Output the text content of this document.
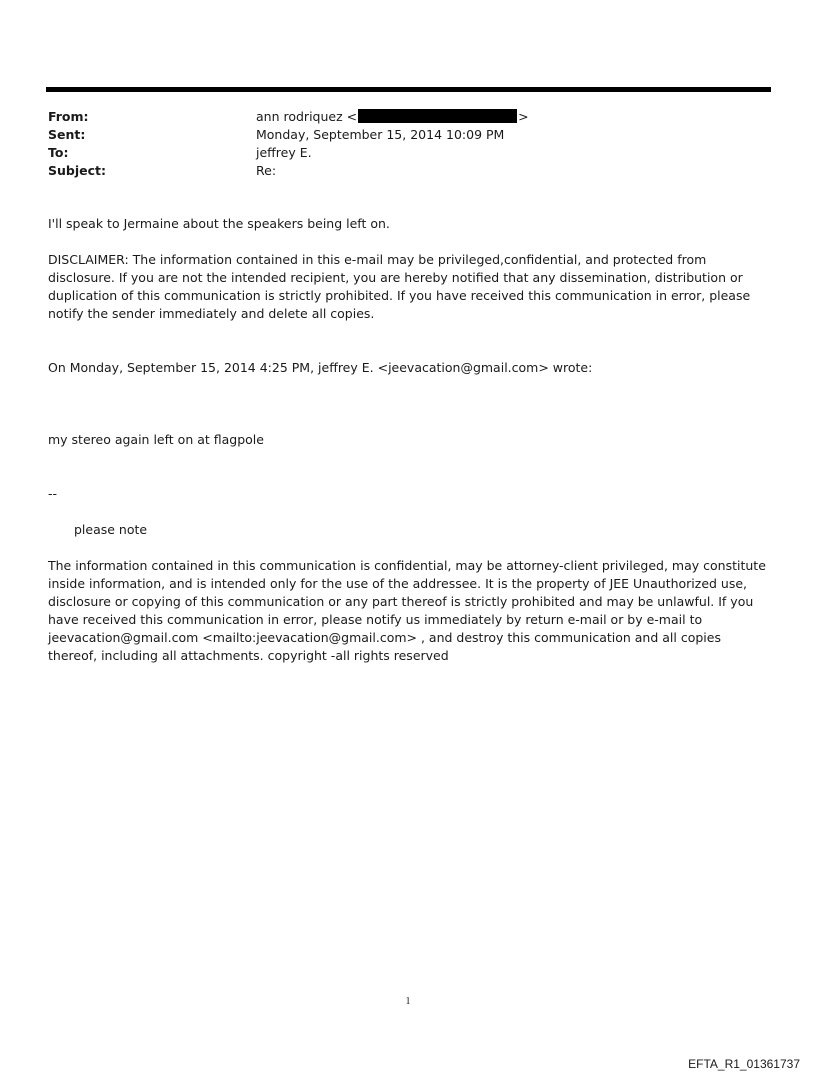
From:	ann rodriquez <	>
Sent:	Monday, September 15, 2014 10:09 PM
To:	jeffrey E.
Subject:	Re:

I'll speak to Jermaine about the speakers being left on.

DISCLAIMER: The information contained in this e-mail may be privileged,confidential, and protected from disclosure. If you are not the intended recipient, you are hereby notified that any dissemination, distribution or duplication of this communication is strictly prohibited. If you have received this communication in error, please notify the sender immediately and delete all copies.

On Monday, September 15, 2014 4:25 PM, jeffrey E. <jeevacation@gmail.com> wrote:

my stereo again left on at flagpole

--

please note

The information contained in this communication is confidential, may be attorney-client privileged, may constitute inside information, and is intended only for the use of the addressee. It is the property of JEE Unauthorized use, disclosure or copying of this communication or any part thereof is strictly prohibited and may be unlawful. If you have received this communication in error, please notify us immediately by return e-mail or by e-mail to jeevacation@gmail.com <mailto:jeevacation@gmail.com> , and destroy this communication and all copies thereof, including all attachments. copyright -all rights reserved

1
EFTA_R1_01361737
